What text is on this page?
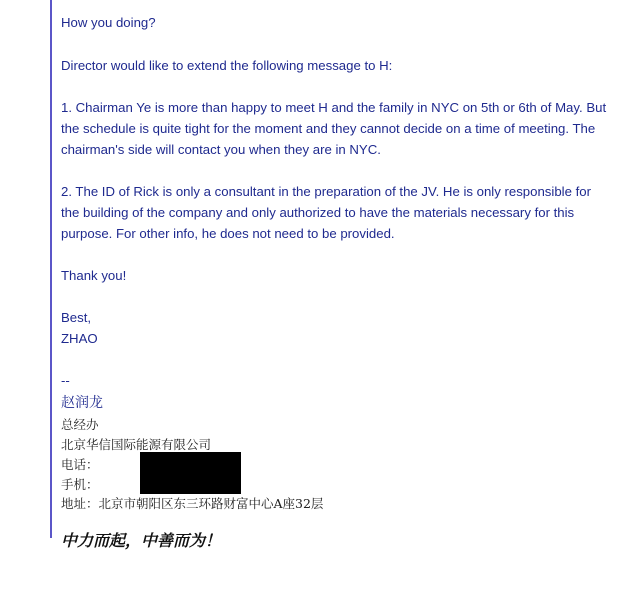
How you doing?

Director would like to extend the following message to H:

1. Chairman Ye is more than happy to meet H and the family in NYC on 5th or 6th of May. But

the schedule is quite tight for the moment and they cannot decide on a time of meeting. The

chairman's side will contact you when they are in NYC.

2. The ID of Rick is only a consultant in the preparation of the JV. He is only responsible for

the building of the company and only authorized to have the materials necessary for this

purpose. For other info, he does not need to be provided.

Thank you!

Best,

ZHAO

--

赵润龙

总经办

北京华信国际能源有限公司

电话：

手机：

地址：北京市朝阳区东三环路财富中心A座32层

中力而起，中善而为！
